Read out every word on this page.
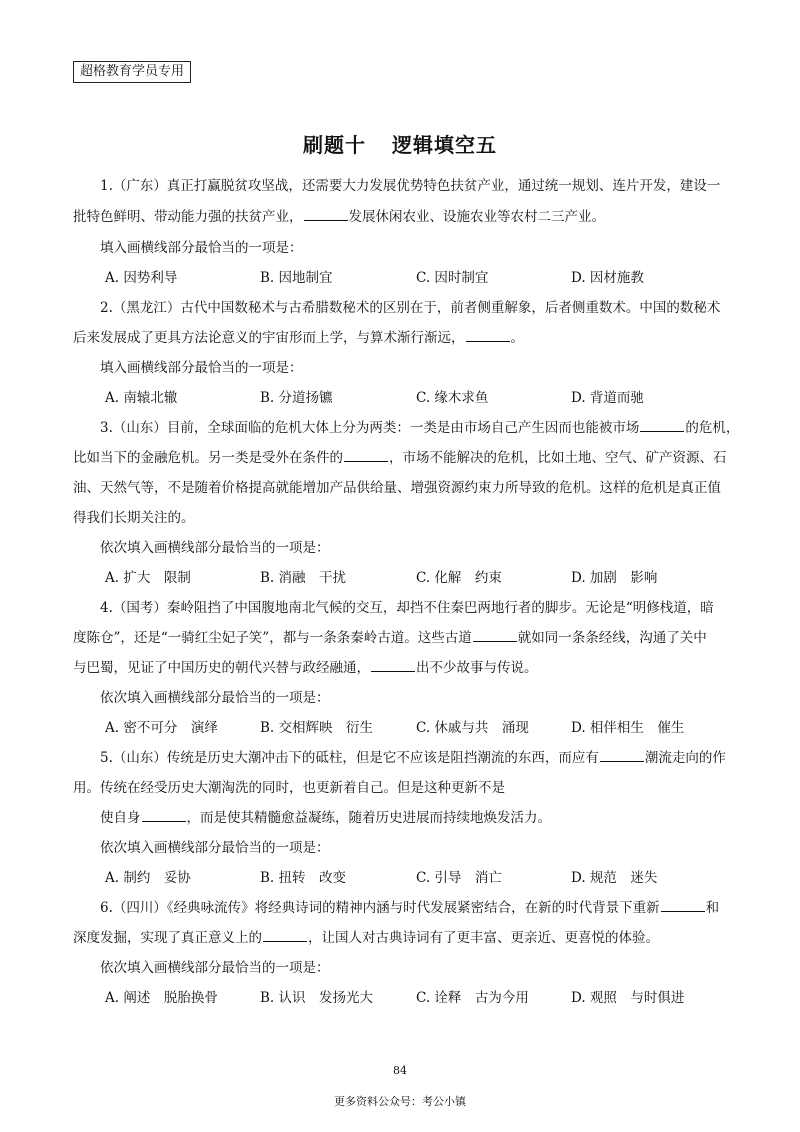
超格教育学员专用
刷题十 逻辑填空五
1.（广东）真正打赢脱贫攻坚战，还需要大力发展优势特色扶贫产业，通过统一规划、连片开发，建设一
批特色鲜明、带动能力强的扶贫产业，	发展休闲农业、设施农业等农村二三产业。
填入画横线部分最恰当的一项是：
A. 因势利导	B. 因地制宜	C. 因时制宜	D. 因材施教
2.（黑龙江）古代中国数秘术与古希腊数秘术的区别在于，前者侧重解象，后者侧重数术。中国的数秘术
后来发展成了更具方法论意义的宇宙形而上学，与算术渐行渐远，	。
填入画横线部分最恰当的一项是：
A. 南辕北辙	B. 分道扬镳	C. 缘木求鱼	D. 背道而驰
3.（山东）目前，全球面临的危机大体上分为两类：一类是由市场自己产生因而也能被市场	的危机，
比如当下的金融危机。另一类是受外在条件的	，市场不能解决的危机，比如土地、空气、矿产资源、石
油、天然气等，不是随着价格提高就能增加产品供给量、增强资源约束力所导致的危机。这样的危机是真正值
得我们长期关注的。
依次填入画横线部分最恰当的一项是：
A. 扩大　限制	B. 消融　干扰	C. 化解　约束	D. 加剧　影响
4.（国考）秦岭阻挡了中国腹地南北气候的交互，却挡不住秦巴两地行者的脚步。无论是“明修栈道，暗
度陈仓”，还是“一骑红尘妃子笑”，都与一条条秦岭古道。这些古道	就如同一条条经线，沟通了关中
与巴蜀，见证了中国历史的朝代兴替与政经融通，	出不少故事与传说。
依次填入画横线部分最恰当的一项是：
A. 密不可分　演绎	B. 交相辉映　衍生	C. 休戚与共　涌现	D. 相伴相生　催生
5.（山东）传统是历史大潮冲击下的砥柱，但是它不应该是阻挡潮流的东西，而应有	潮流走向的作
用。传统在经受历史大潮淘洗的同时，也更新着自己。但是这种更新不是
使自身	，而是使其精髓愈益凝练，随着历史进展而持续地焕发活力。
依次填入画横线部分最恰当的一项是：
A. 制约　妥协	B. 扭转　改变	C. 引导　消亡	D. 规范　迷失
6.（四川）《经典咏流传》将经典诗词的精神内涵与时代发展紧密结合，在新的时代背景下重新	和
深度发掘，实现了真正意义上的	，让国人对古典诗词有了更丰富、更亲近、更喜悦的体验。
依次填入画横线部分最恰当的一项是：
A. 阐述　脱胎换骨	B. 认识　发扬光大	C. 诠释　古为今用	D. 观照　与时俱进
84
更多资料公众号：考公小镇
